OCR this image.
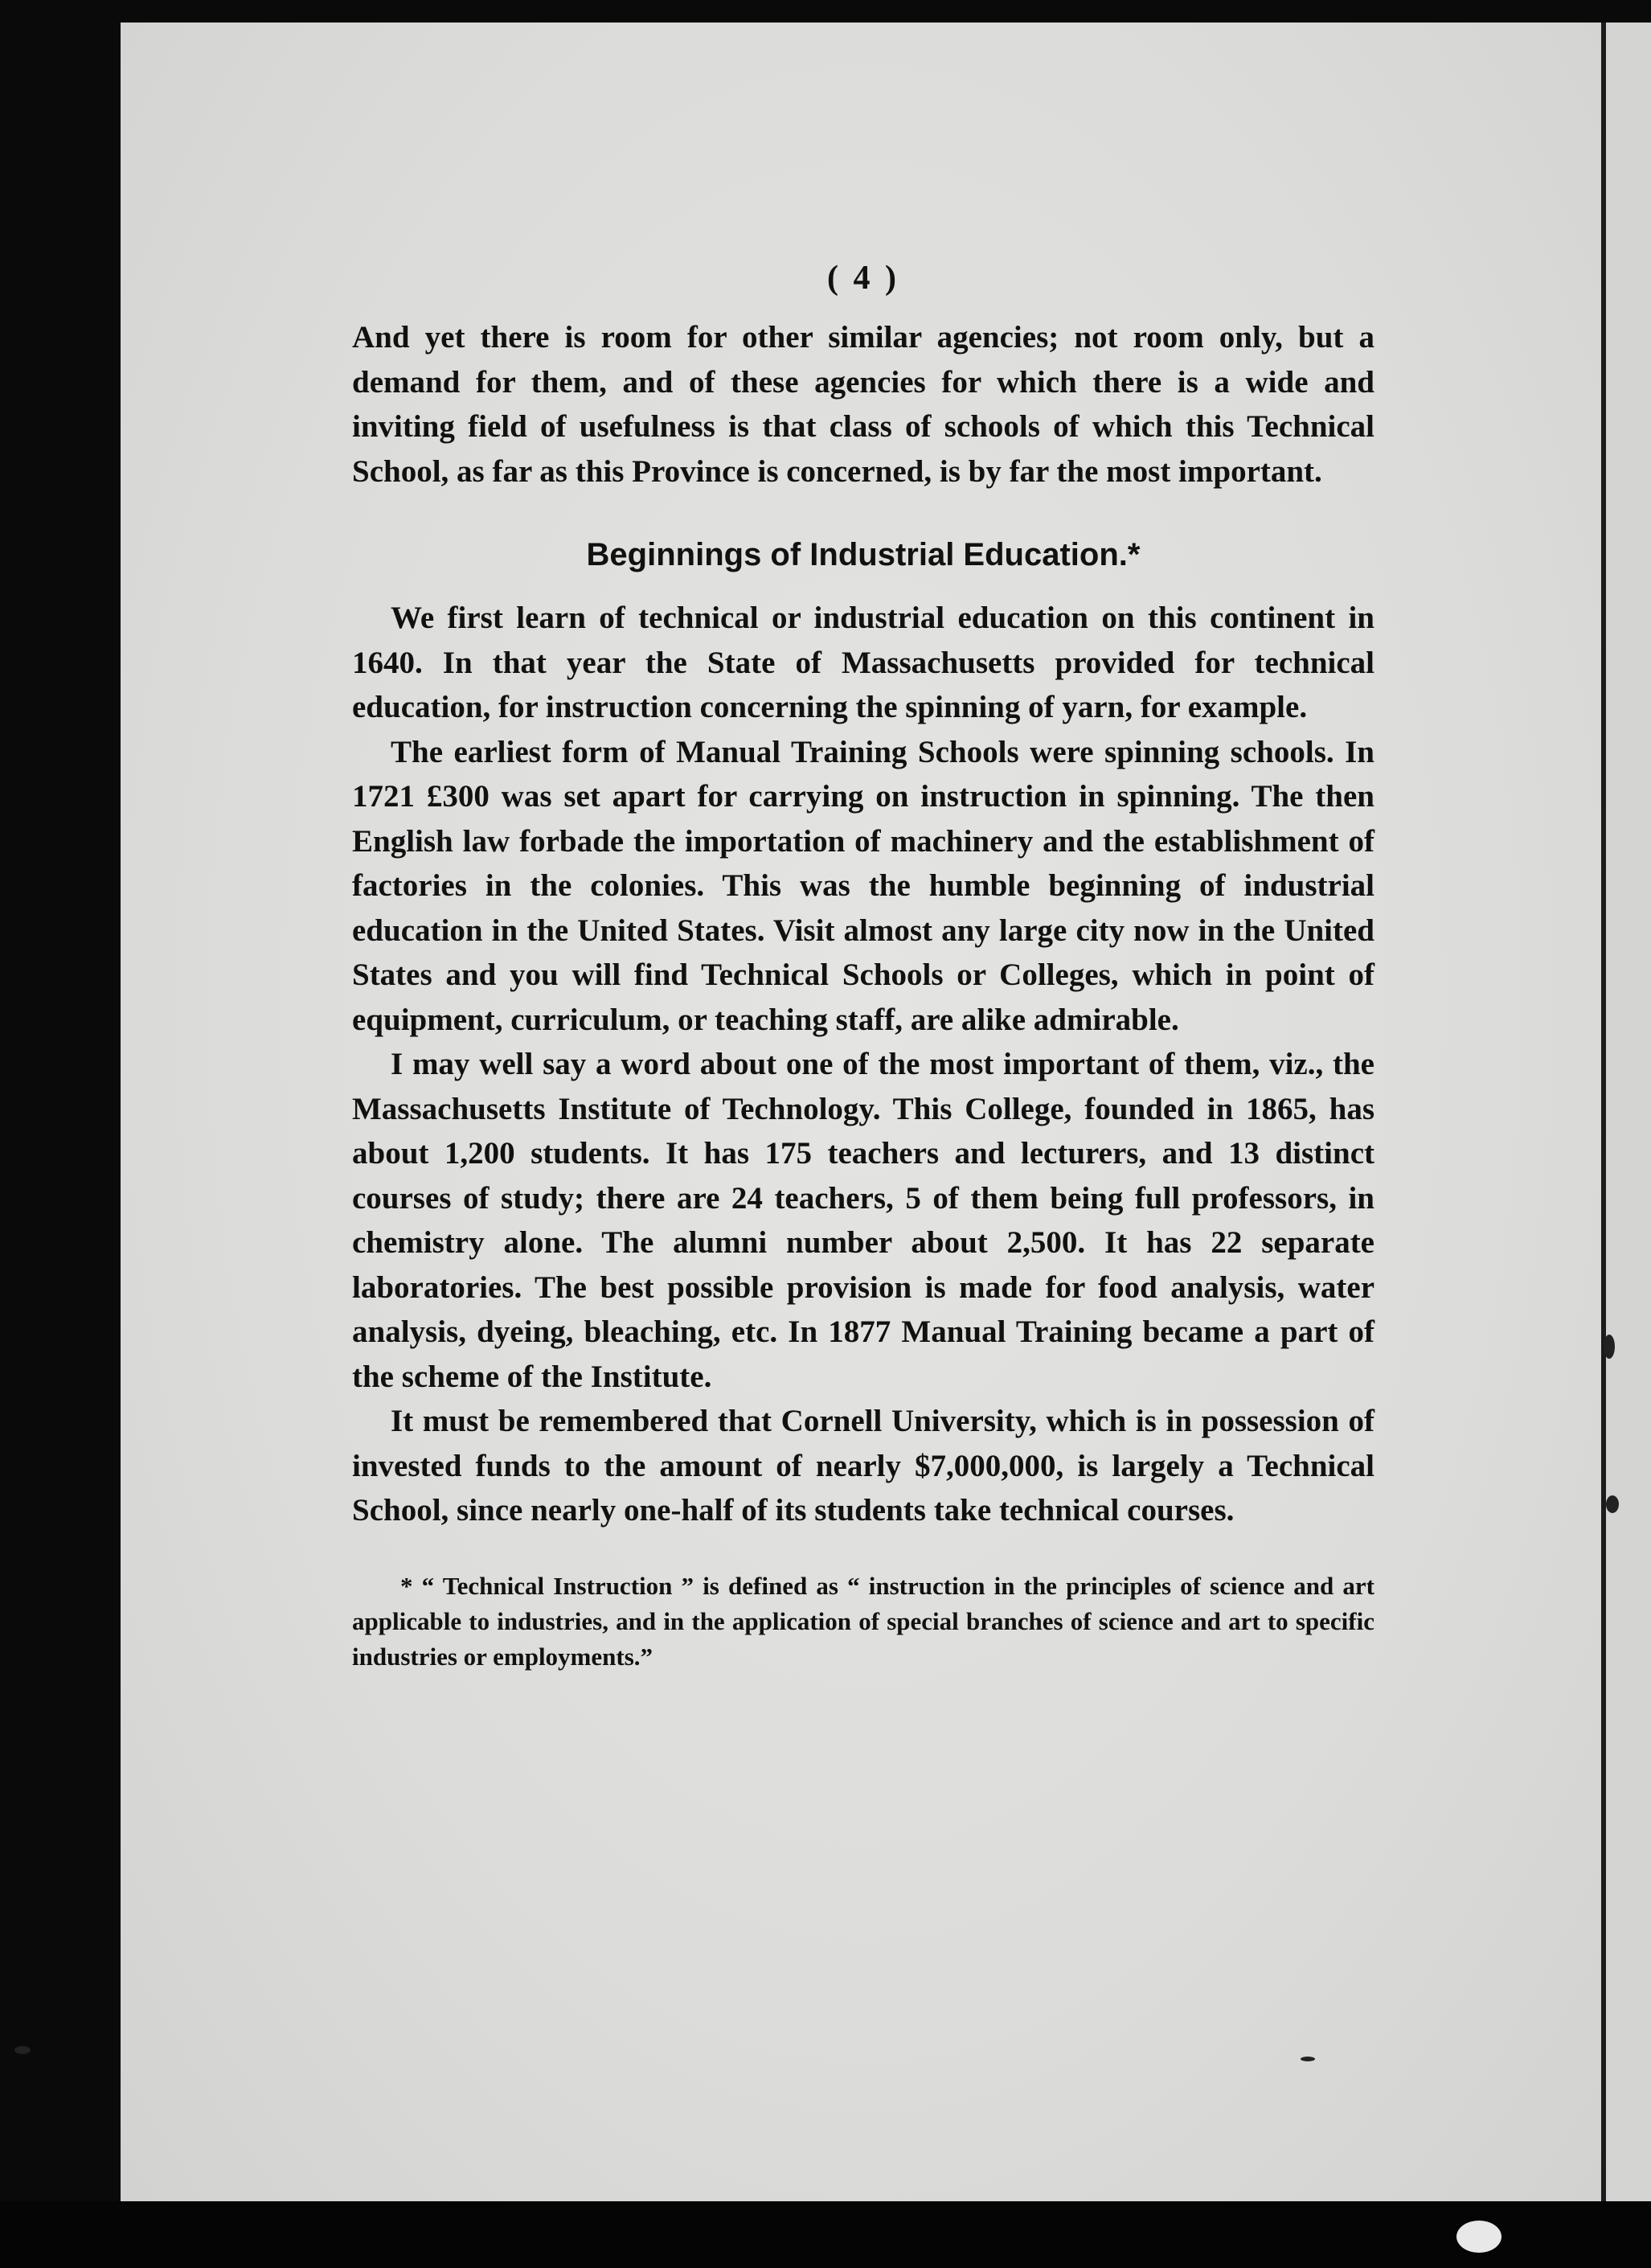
( 4 )

And yet there is room for other similar agencies; not room only, but a demand for them, and of these agencies for which there is a wide and inviting field of usefulness is that class of schools of which this Technical School, as far as this Province is concerned, is by far the most important.

Beginnings of Industrial Education.*

We first learn of technical or industrial education on this continent in 1640. In that year the State of Massachusetts provided for technical education, for instruction concerning the spinning of yarn, for example.

The earliest form of Manual Training Schools were spinning schools. In 1721 £300 was set apart for carrying on instruction in spinning. The then English law forbade the importation of machinery and the establishment of factories in the colonies. This was the humble beginning of industrial education in the United States. Visit almost any large city now in the United States and you will find Technical Schools or Colleges, which in point of equipment, curriculum, or teaching staff, are alike admirable.

I may well say a word about one of the most important of them, viz., the Massachusetts Institute of Technology. This College, founded in 1865, has about 1,200 students. It has 175 teachers and lecturers, and 13 distinct courses of study; there are 24 teachers, 5 of them being full professors, in chemistry alone. The alumni number about 2,500. It has 22 separate laboratories. The best possible provision is made for food analysis, water analysis, dyeing, bleaching, etc. In 1877 Manual Training became a part of the scheme of the Institute.

It must be remembered that Cornell University, which is in possession of invested funds to the amount of nearly $7,000,000, is largely a Technical School, since nearly one-half of its students take technical courses.

* “ Technical Instruction ” is defined as “ instruction in the principles of science and art applicable to industries, and in the application of special branches of science and art to specific industries or employments.”
